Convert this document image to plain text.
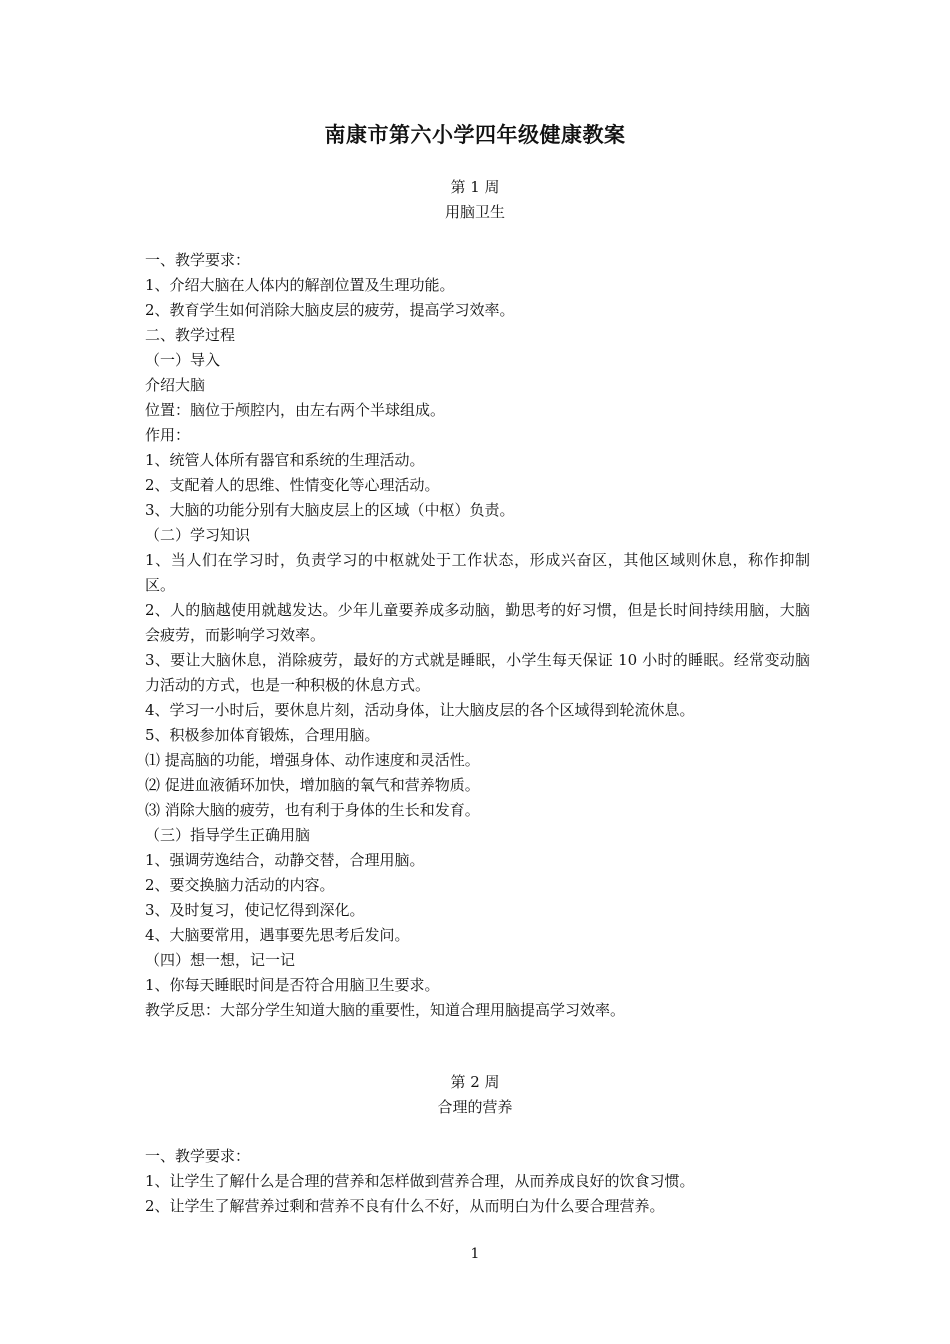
南康市第六小学四年级健康教案
第 1 周
用脑卫生

一、教学要求：

1、介绍大脑在人体内的解剖位置及生理功能。

2、教育学生如何消除大脑皮层的疲劳，提高学习效率。

二、教学过程

（一）导入

介绍大脑

位置：脑位于颅腔内，由左右两个半球组成。

作用：

1、统管人体所有器官和系统的生理活动。

2、支配着人的思维、性情变化等心理活动。

3、大脑的功能分别有大脑皮层上的区域（中枢）负责。

（二）学习知识

1、当人们在学习时，负责学习的中枢就处于工作状态，形成兴奋区，其他区域则休息，称作抑制区。

2、人的脑越使用就越发达。少年儿童要养成多动脑，勤思考的好习惯，但是长时间持续用脑，大脑会疲劳，而影响学习效率。

3、要让大脑休息，消除疲劳，最好的方式就是睡眠，小学生每天保证 10 小时的睡眠。经常变动脑力活动的方式，也是一种积极的休息方式。

4、学习一小时后，要休息片刻，活动身体，让大脑皮层的各个区域得到轮流休息。

5、积极参加体育锻炼，合理用脑。

⑴ 提高脑的功能，增强身体、动作速度和灵活性。

⑵ 促进血液循环加快，增加脑的氧气和营养物质。

⑶ 消除大脑的疲劳，也有利于身体的生长和发育。

（三）指导学生正确用脑

1、强调劳逸结合，动静交替，合理用脑。

2、要交换脑力活动的内容。

3、及时复习，使记忆得到深化。

4、大脑要常用，遇事要先思考后发问。

（四）想一想，记一记

1、你每天睡眠时间是否符合用脑卫生要求。

教学反思：大部分学生知道大脑的重要性，知道合理用脑提高学习效率。

第 2 周
合理的营养

一、教学要求：

1、让学生了解什么是合理的营养和怎样做到营养合理，从而养成良好的饮食习惯。

2、让学生了解营养过剩和营养不良有什么不好，从而明白为什么要合理营养。

1
